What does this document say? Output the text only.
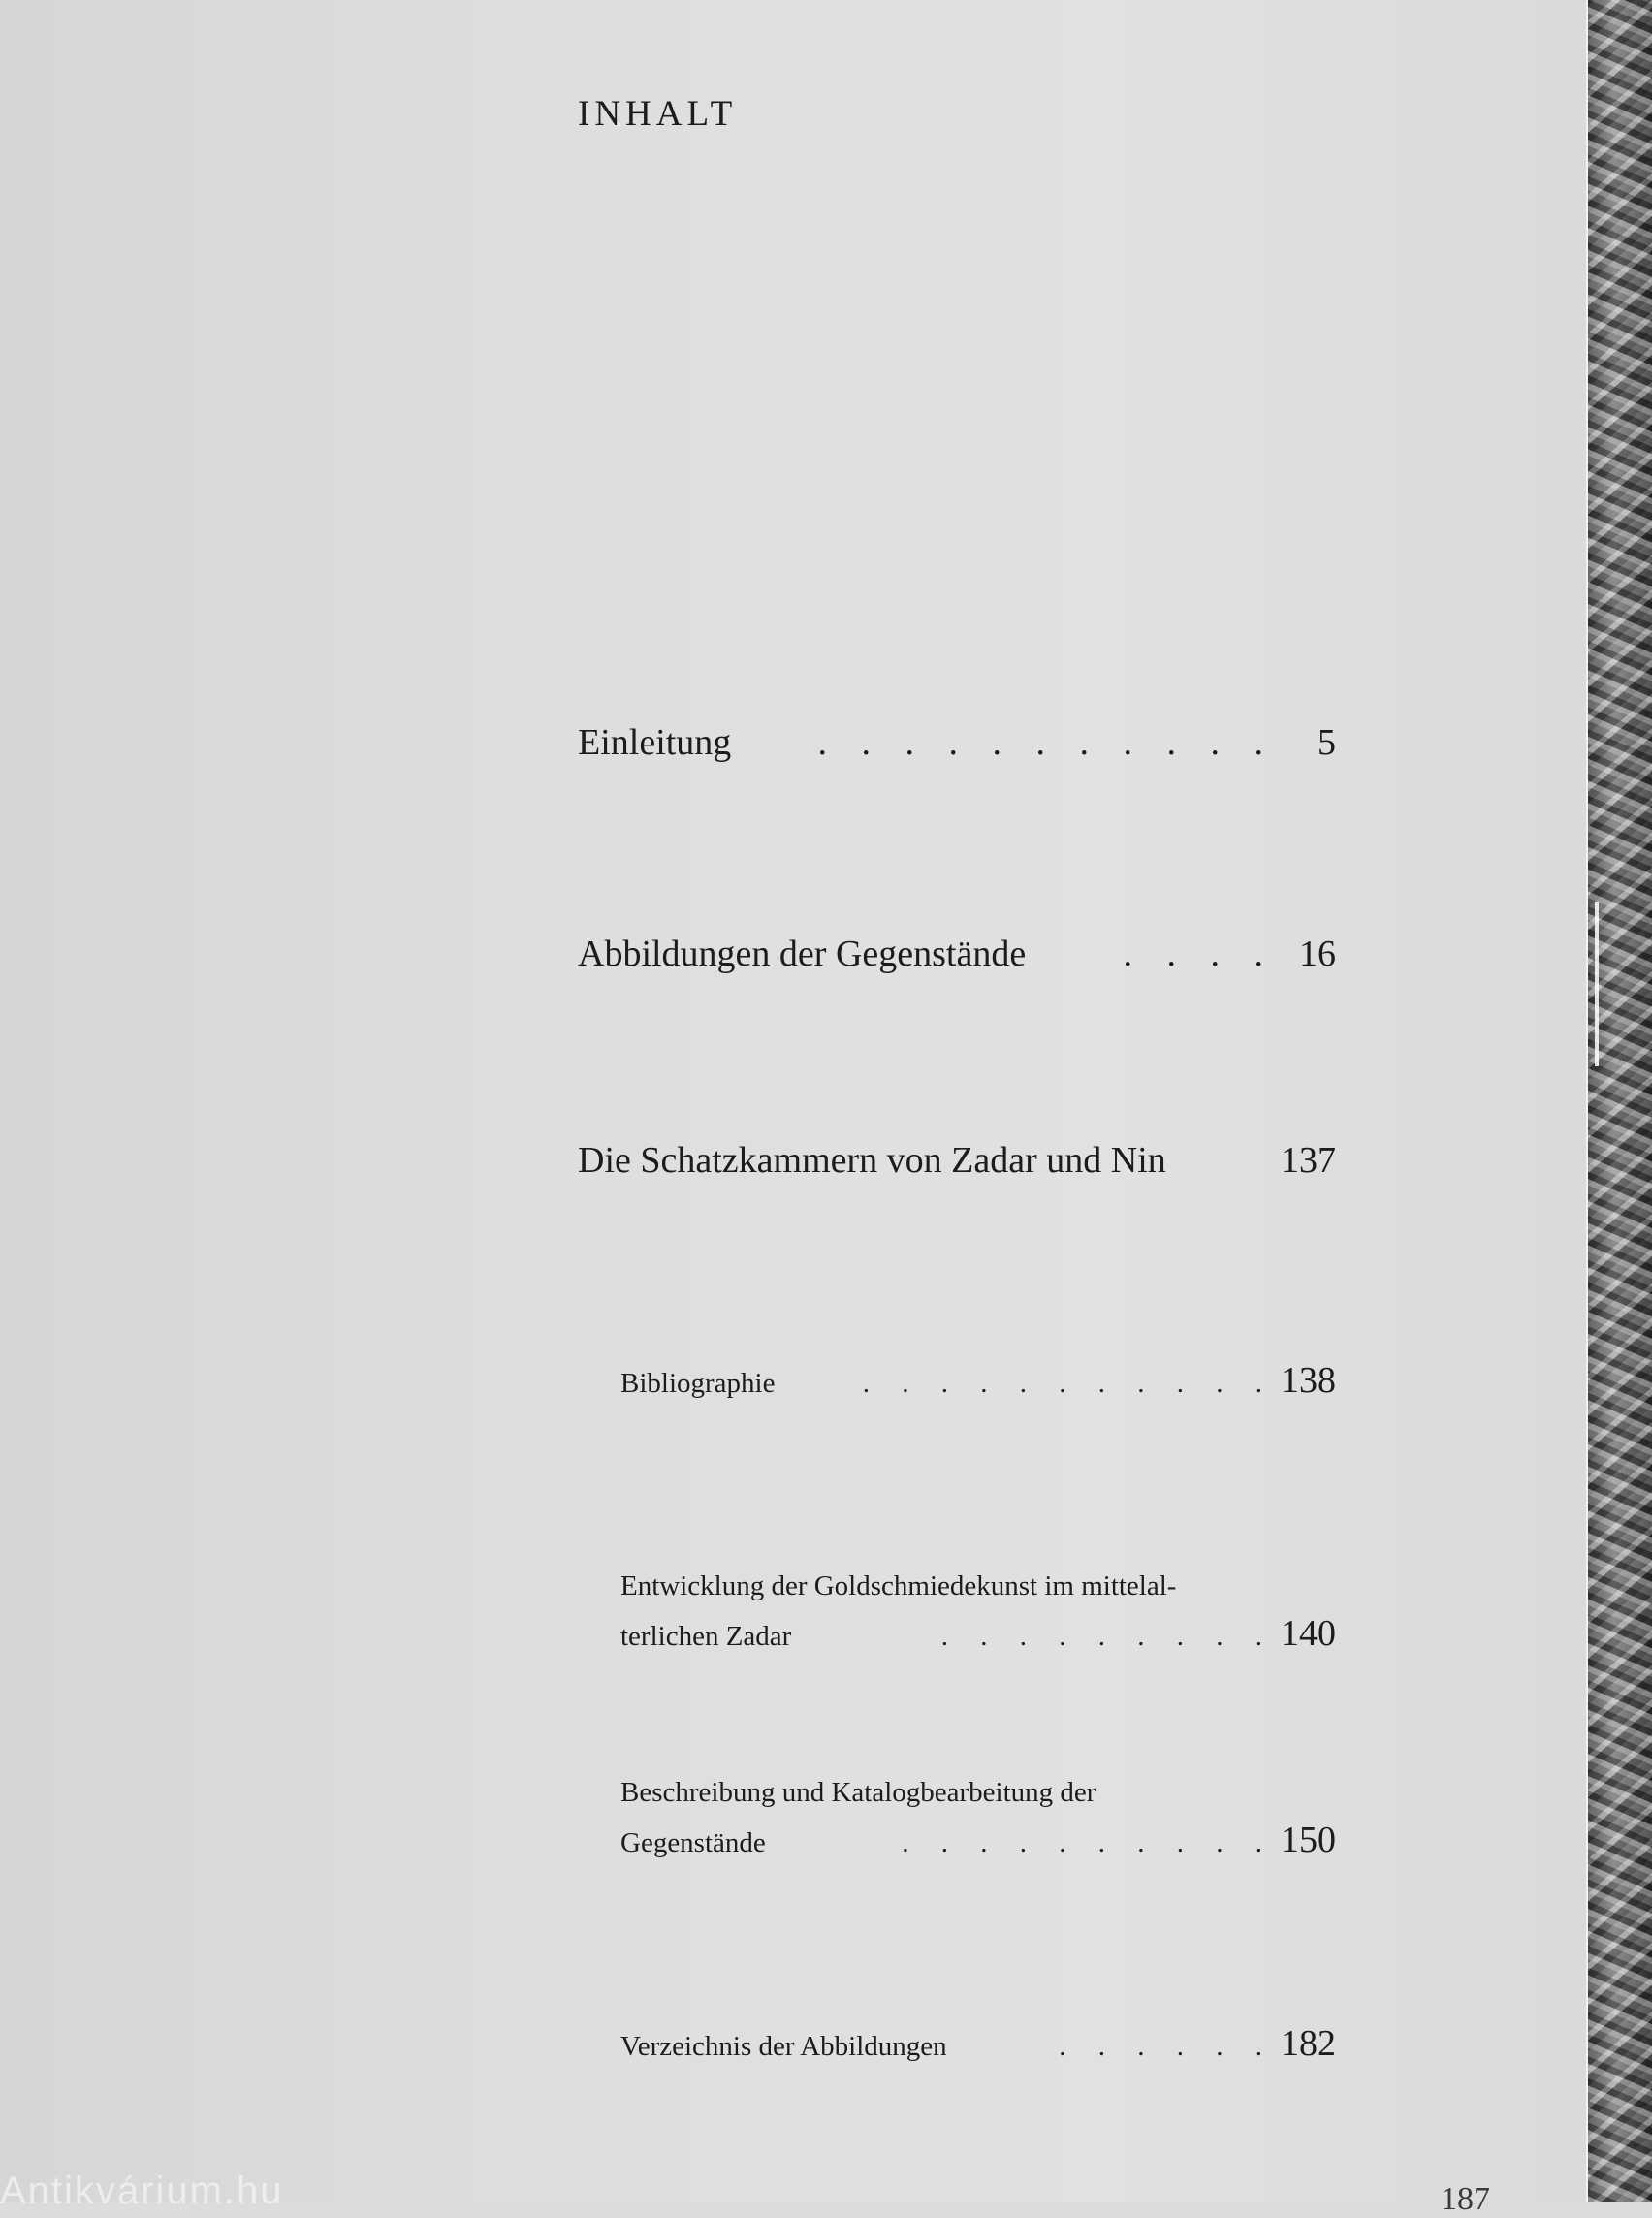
INHALT
Einleitung	. . . . . . . . . . .	5
Abbildungen der Gegenstände	. . . . 16
Die Schatzkammern von Zadar und Nin	137
Bibliographie	. . . . . . . . . . . 138
Entwicklung der Goldschmiedekunst im mittelal-
terlichen Zadar	. . . . . . . . . 140
Beschreibung und Katalogbearbeitung der
Gegenstände	. . . . . . . . . . 150
Verzeichnis der Abbildungen	. . . . . . 182
Antikvárium.hu	187
